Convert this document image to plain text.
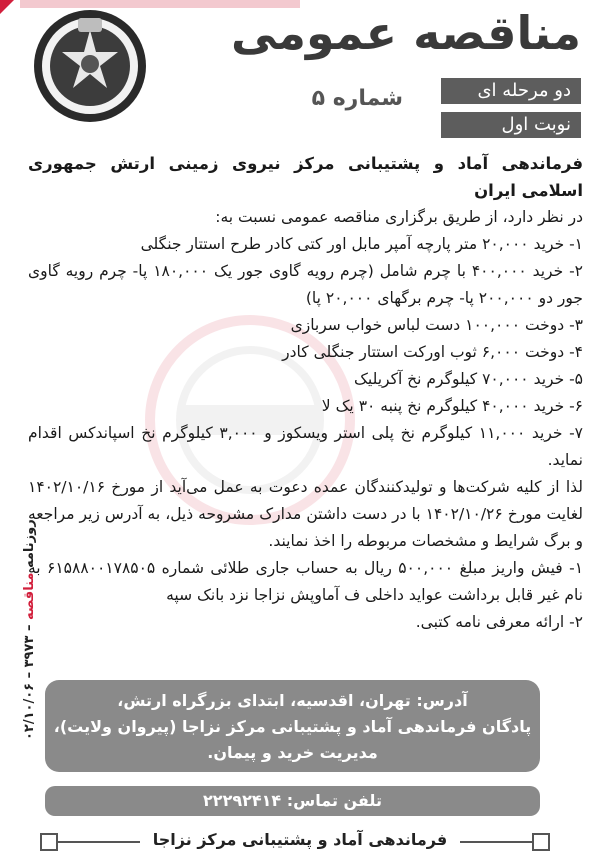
مناقصه عمومی
شماره ۵	دو مرحله ای
نوبت اول
روزنامه مناقصه – ۳۹۷۳ – ۰۲/۱۰/۰۶

فرماندهی آماد و پشتیبانی مرکز نیروی زمینی ارتش جمهوری اسلامی ایران

در نظر دارد، از طریق برگزاری مناقصه عمومی نسبت به:

۱- خرید ۲۰,۰۰۰ متر پارچه آمپر مابل اور کتی کادر طرح استتار جنگلی

۲- خرید ۴۰۰,۰۰۰ با چرم شامل (چرم رویه گاوی جور یک ۱۸۰,۰۰۰ پا- چرم رویه گاوی جور دو ۲۰۰,۰۰۰ پا- چرم برگهای ۲۰,۰۰۰ پا)

۳- دوخت ۱۰۰,۰۰۰ دست لباس خواب سربازی

۴- دوخت ۶,۰۰۰ ثوب اورکت استتار جنگلی کادر

۵- خرید ۷۰,۰۰۰ کیلوگرم نخ آکریلیک

۶- خرید ۴۰,۰۰۰ کیلوگرم نخ پنبه ۳۰ یک لا

۷- خرید ۱۱,۰۰۰ کیلوگرم نخ پلی استر ویسکوز و ۳,۰۰۰ کیلوگرم نخ اسپاندکس اقدام نماید.

لذا از کلیه شرکت‌ها و تولیدکنندگان عمده دعوت به عمل می‌آید از مورخ ۱۴۰۲/۱۰/۱۶ لغایت مورخ ۱۴۰۲/۱۰/۲۶ با در دست داشتن مدارک مشروحه ذیل، به آدرس زیر مراجعه و برگ شرایط و مشخصات مربوطه را اخذ نمایند.

۱- فیش واریز مبلغ ۵۰۰,۰۰۰ ریال به حساب جاری طلائی شماره ۶۱۵۸۸۰۰۱۷۸۵۰۵ به نام غیر قابل برداشت عواید داخلی ف آماوپش نزاجا نزد بانک سپه

۲- ارائه معرفی نامه کتبی.

آدرس: تهران، اقدسیه، ابتدای بزرگراه ارتش،
پادگان فرماندهی آماد و پشتیبانی مرکز نزاجا (پیروان ولایت)،
مدیریت خرید و پیمان.
تلفن تماس: ۲۲۲۹۲۴۱۴
فرماندهی آماد و پشتیبانی مرکز نزاجا
